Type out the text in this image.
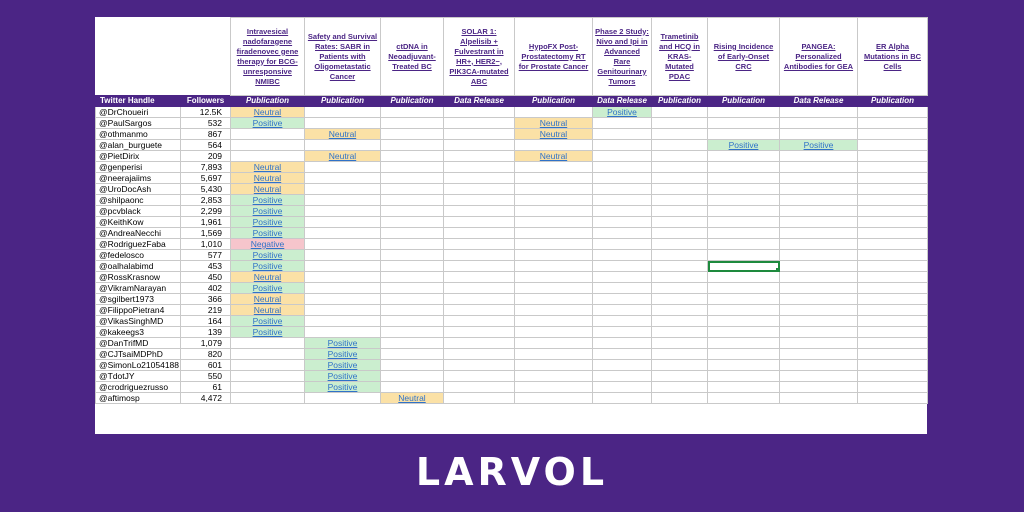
		Intravesical nadofaragene firadenovec gene therapy for BCG-unresponsive NMIBC	Safety and Survival Rates: SABR in Patients with Oligometastatic Cancer	ctDNA in Neoadjuvant-Treated BC	SOLAR 1: Alpelisib + Fulvestrant in HR+, HER2−, PIK3CA-mutated ABC	HypoFX Post-Prostatectomy RT for Prostate Cancer	Phase 2 Study: Nivo and Ipi in Advanced Rare Genitourinary Tumors	Trametinib and HCQ in KRAS-Mutated PDAC	Rising Incidence of Early-Onset CRC	PANGEA: Personalized Antibodies for GEA	ER Alpha Mutations in BC Cells
Twitter Handle	Followers	Publication	Publication	Publication	Data Release	Publication	Data Release	Publication	Publication	Data Release	Publication
@DrChoueiri	12.5K	Neutral					Positive				
@PaulSargos	532	Positive				Neutral					
@othmanmo	867		Neutral			Neutral					
@alan_burguete	564								Positive	Positive	
@PietDirix	209		Neutral			Neutral					
@genperisi	7,893	Neutral									
@neerajaiims	5,697	Neutral									
@UroDocAsh	5,430	Neutral									
@shilpaonc	2,853	Positive									
@pcvblack	2,299	Positive									
@KeithKow	1,961	Positive									
@AndreaNecchi	1,569	Positive									
@RodriguezFaba	1,010	Negative									
@fedelosco	577	Positive									
@oalhalabimd	453	Positive									
@RossKrasnow	450	Neutral									
@VikramNarayan	402	Positive									
@sgilbert1973	366	Neutral									
@FilippoPietran4	219	Neutral									
@VikasSinghMD	164	Positive									
@kakeegs3	139	Positive									
@DanTrifMD	1,079		Positive								
@CJTsaiMDPhD	820		Positive								
@SimonLo21054188	601		Positive								
@TdotJY	550		Positive								
@crodriguezrusso	61		Positive								
@aftimosp	4,472			Neutral							
LARVOL
